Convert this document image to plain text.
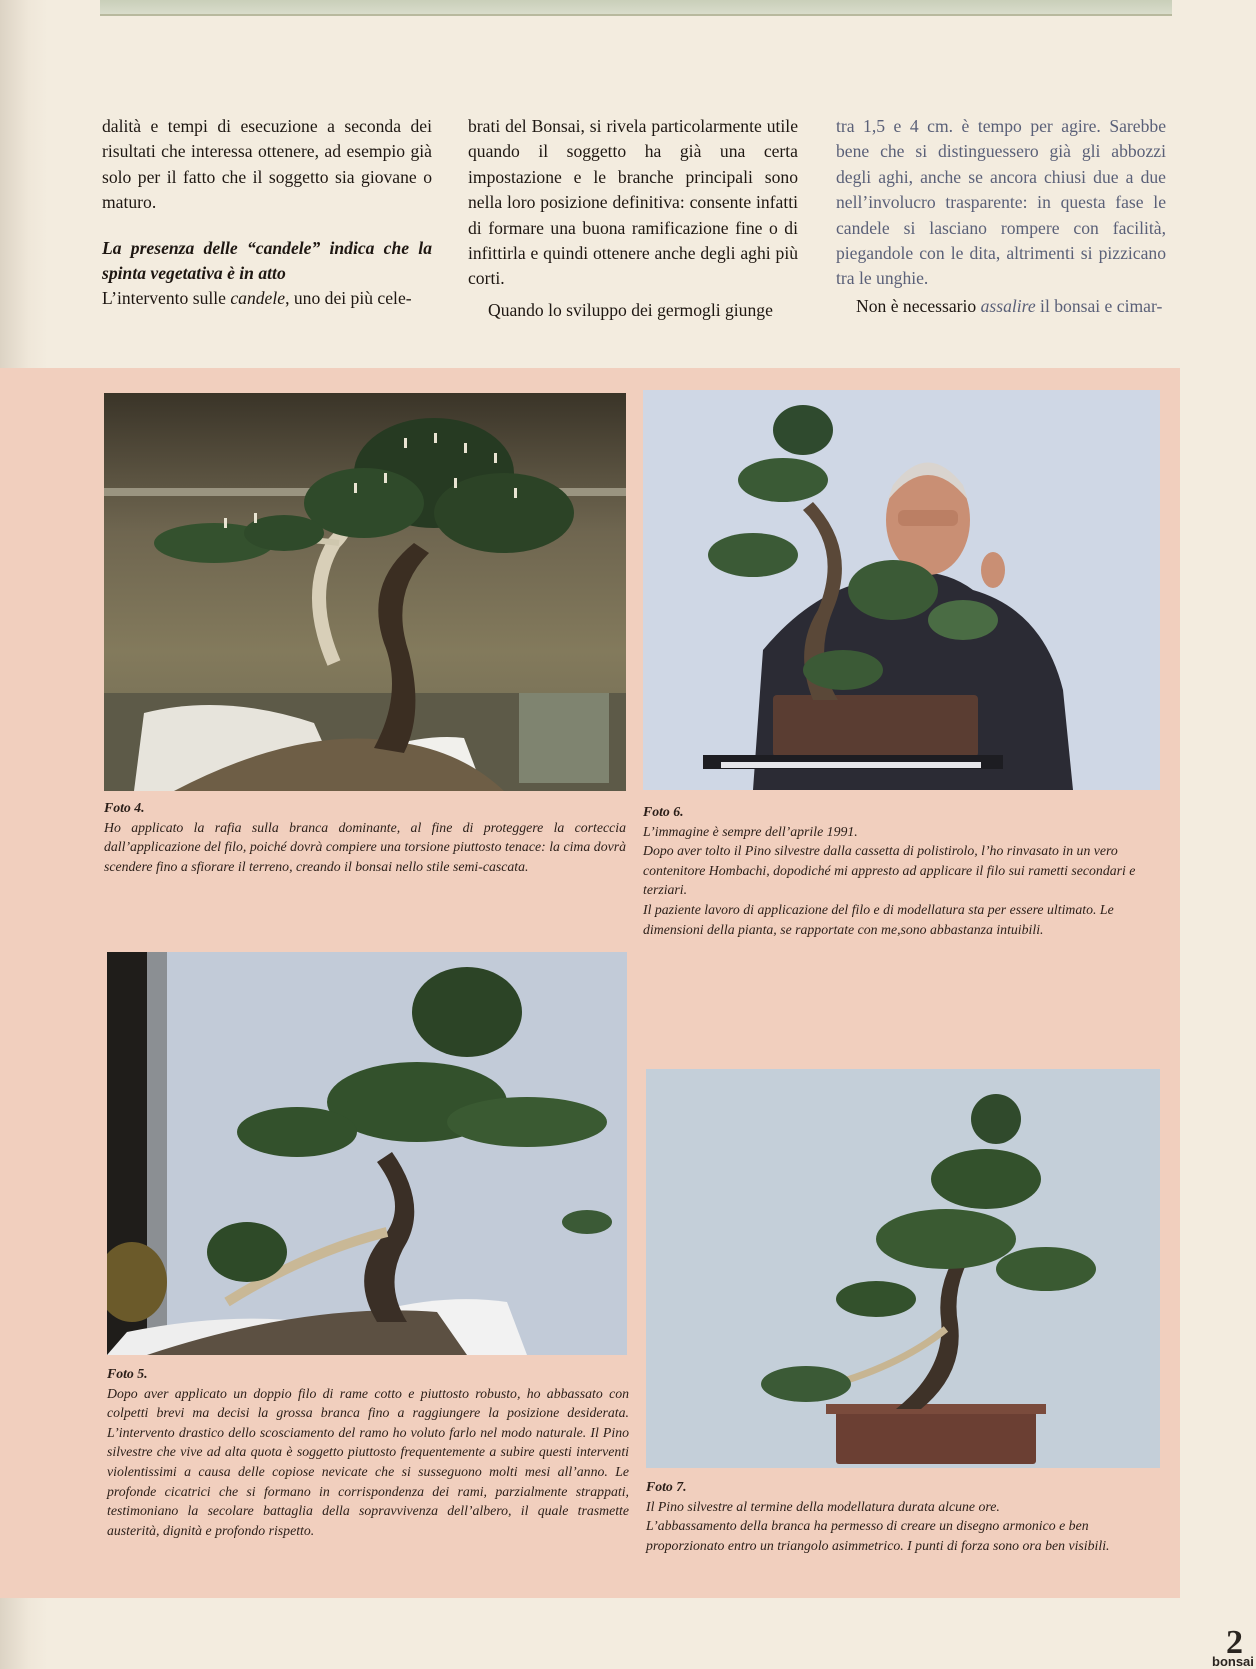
dalità e tempi di esecuzione a seconda dei risultati che interessa ottenere, ad esempio già solo per il fatto che il soggetto sia giovane o maturo.

La presenza delle “candele” indica che la spinta vegetativa è in atto

L’intervento sulle candele, uno dei più cele-

brati del Bonsai, si rivela particolarmente utile quando il soggetto ha già una certa impostazione e le branche principali sono nella loro posizione definitiva: consente infatti di formare una buona ramificazione fine o di infittirla e quindi ottenere anche degli aghi più corti.

Quando lo sviluppo dei germogli giunge

tra 1,5 e 4 cm. è tempo per agire. Sarebbe bene che si distinguessero già gli abbozzi degli aghi, anche se ancora chiusi due a due nell’involucro trasparente: in questa fase le candele si lasciano rompere con facilità, piegandole con le dita, altrimenti si pizzicano tra le unghie.

Non è necessario assalire il bonsai e cimar-

Foto 4.
Ho applicato la rafia sulla branca dominante, al fine di proteggere la corteccia dall’applicazione del filo, poiché dovrà compiere una torsione piuttosto tenace: la cima dovrà scendere fino a sfiorare il terreno, creando il bonsai nello stile semi-cascata.
Foto 6.
L’immagine è sempre dell’aprile 1991.
Dopo aver tolto il Pino silvestre dalla cassetta di polistirolo, l’ho rinvasato in un vero contenitore Hombachi, dopodiché mi appresto ad applicare il filo sui rametti secondari e terziari.
Il paziente lavoro di applicazione del filo e di modellatura sta per essere ultimato. Le dimensioni della pianta, se rapportate con me,sono abbastanza intuibili.
Foto 5.
Dopo aver applicato un doppio filo di rame cotto e piuttosto robusto, ho abbassato con colpetti brevi ma decisi la grossa branca fino a raggiungere la posizione desiderata. L’intervento drastico dello scosciamento del ramo ho voluto farlo nel modo naturale. Il Pino silvestre che vive ad alta quota è soggetto piuttosto frequentemente a subire questi interventi violentissimi a causa delle copiose nevicate che si susseguono molti mesi all’anno. Le profonde cicatrici che si formano in corrispondenza dei rami, parzialmente strappati, testimoniano la secolare battaglia della sopravvivenza dell’albero, il quale trasmette austerità, dignità e profondo rispetto.
Foto 7.
Il Pino silvestre al termine della modellatura durata alcune ore.
L’abbassamento della branca ha permesso di creare un disegno armonico e ben proporzionato entro un triangolo asimmetrico. I punti di forza sono ora ben visibili.
2
bonsai
